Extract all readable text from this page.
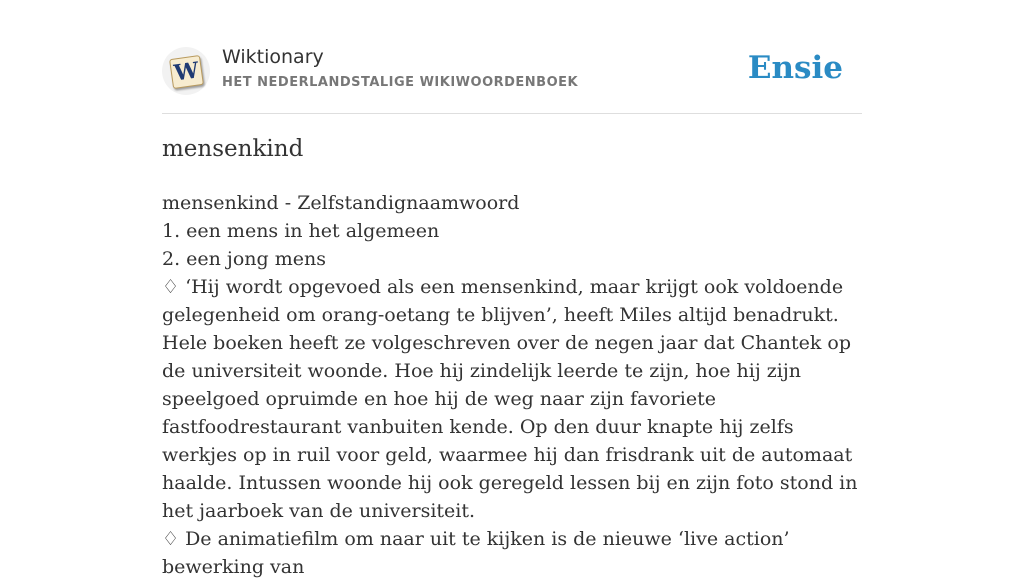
W
Wiktionary
HET NEDERLANDSTALIGE WIKIWOORDENBOEK	Ensie
mensenkind

mensenkind - Zelfstandignaamwoord

1. een mens in het algemeen

2. een jong mens

♢ ‘Hij wordt opgevoed als een mensenkind, maar krijgt ook voldoende gelegenheid om orang-oetang te blijven’, heeft Miles altijd benadrukt. Hele boeken heeft ze volgeschreven over de negen jaar dat Chantek op de universiteit woonde. Hoe hij zindelijk leerde te zijn, hoe hij zijn speelgoed opruimde en hoe hij de weg naar zijn favoriete fastfoodrestaurant vanbuiten kende. Op den duur knapte hij zelfs werkjes op in ruil voor geld, waarmee hij dan frisdrank uit de automaat haalde. Intussen woonde hij ook geregeld lessen bij en zijn foto stond in het jaarboek van de universiteit.

♢ De animatiefilm om naar uit te kijken is de nieuwe ‘live action’ bewerking van
